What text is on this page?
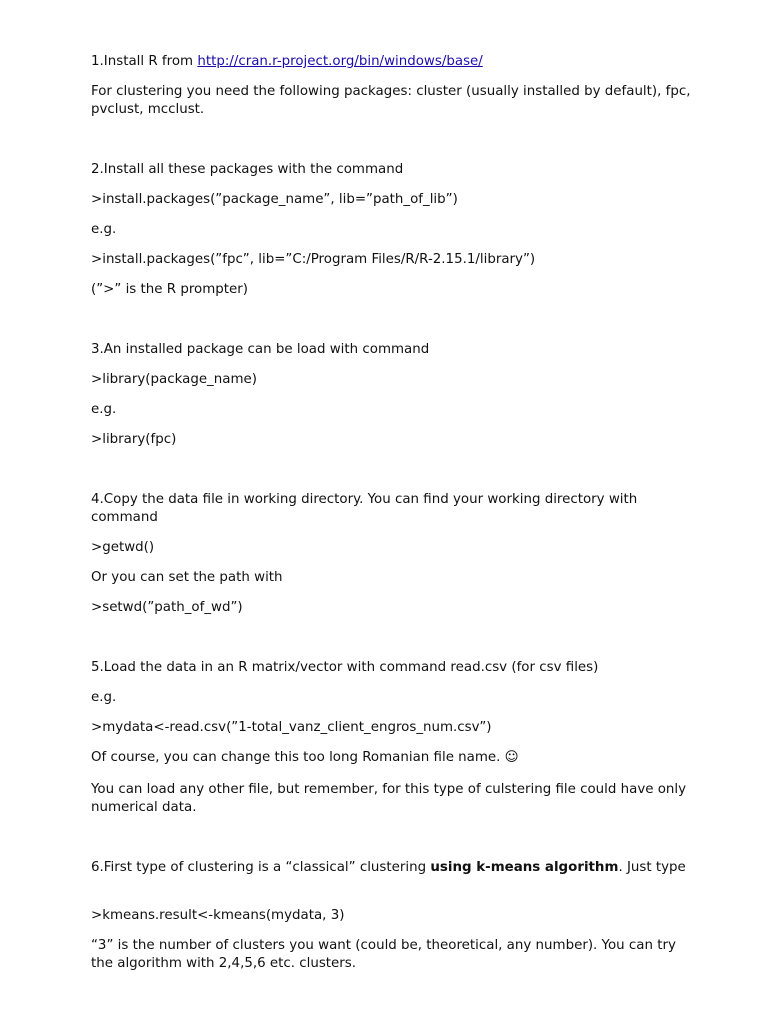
1.Install R from http://cran.r-project.org/bin/windows/base/

For clustering you need the following packages: cluster (usually installed by default), fpc, pvclust, mcclust.

2.Install all these packages with the command

>install.packages(”package_name”, lib=”path_of_lib”)

e.g.

>install.packages(”fpc”, lib=”C:/Program Files/R/R-2.15.1/library”)

(”>” is the R prompter)

3.An installed package can be load with command

>library(package_name)

e.g.

>library(fpc)

4.Copy the data file in working directory. You can find your working directory with command

>getwd()

Or you can set the path with

>setwd(”path_of_wd”)

5.Load the data in an R matrix/vector with command read.csv (for csv files)

e.g.

>mydata<-read.csv(”1-total_vanz_client_engros_num.csv”)

Of course, you can change this too long Romanian file name. ☺

You can load any other file, but remember, for this type of culstering file could have only numerical data.

6.First type of clustering is a “classical” clustering using k-means algorithm. Just type

>kmeans.result<-kmeans(mydata, 3)

“3” is the number of clusters you want (could be, theoretical, any number). You can try the algorithm with 2,4,5,6 etc. clusters.
